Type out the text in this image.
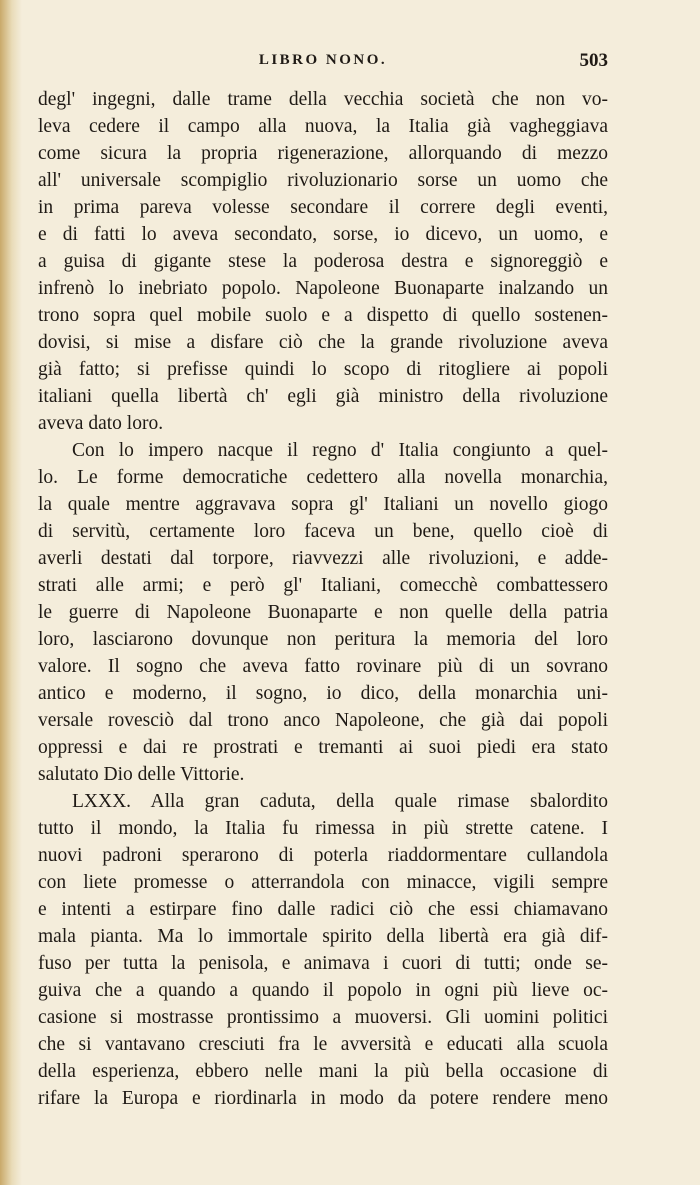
LIBRO NONO.	503
degl' ingegni, dalle trame della vecchia società che non vo-
leva cedere il campo alla nuova, la Italia già vagheggiava
come sicura la propria rigenerazione, allorquando di mezzo
all' universale scompiglio rivoluzionario sorse un uomo che
in prima pareva volesse secondare il correre degli eventi,
e di fatti lo aveva secondato, sorse, io dicevo, un uomo, e
a guisa di gigante stese la poderosa destra e signoreggiò e
infrenò lo inebriato popolo. Napoleone Buonaparte inalzando un
trono sopra quel mobile suolo e a dispetto di quello sostenen-
dovisi, si mise a disfare ciò che la grande rivoluzione aveva
già fatto; si prefisse quindi lo scopo di ritogliere ai popoli
italiani quella libertà ch' egli già ministro della rivoluzione
aveva dato loro.
Con lo impero nacque il regno d' Italia congiunto a quel-
lo. Le forme democratiche cedettero alla novella monarchia,
la quale mentre aggravava sopra gl' Italiani un novello giogo
di servitù, certamente loro faceva un bene, quello cioè di
averli destati dal torpore, riavvezzi alle rivoluzioni, e adde-
strati alle armi; e però gl' Italiani, comecchè combattessero
le guerre di Napoleone Buonaparte e non quelle della patria
loro, lasciarono dovunque non peritura la memoria del loro
valore. Il sogno che aveva fatto rovinare più di un sovrano
antico e moderno, il sogno, io dico, della monarchia uni-
versale rovesciò dal trono anco Napoleone, che già dai popoli
oppressi e dai re prostrati e tremanti ai suoi piedi era stato
salutato Dio delle Vittorie.
LXXX. Alla gran caduta, della quale rimase sbalordito
tutto il mondo, la Italia fu rimessa in più strette catene. I
nuovi padroni sperarono di poterla riaddormentare cullandola
con liete promesse o atterrandola con minacce, vigili sempre
e intenti a estirpare fino dalle radici ciò che essi chiamavano
mala pianta. Ma lo immortale spirito della libertà era già dif-
fuso per tutta la penisola, e animava i cuori di tutti; onde se-
guiva che a quando a quando il popolo in ogni più lieve oc-
casione si mostrasse prontissimo a muoversi. Gli uomini politici
che si vantavano cresciuti fra le avversità e educati alla scuola
della esperienza, ebbero nelle mani la più bella occasione di
rifare la Europa e riordinarla in modo da potere rendere meno
